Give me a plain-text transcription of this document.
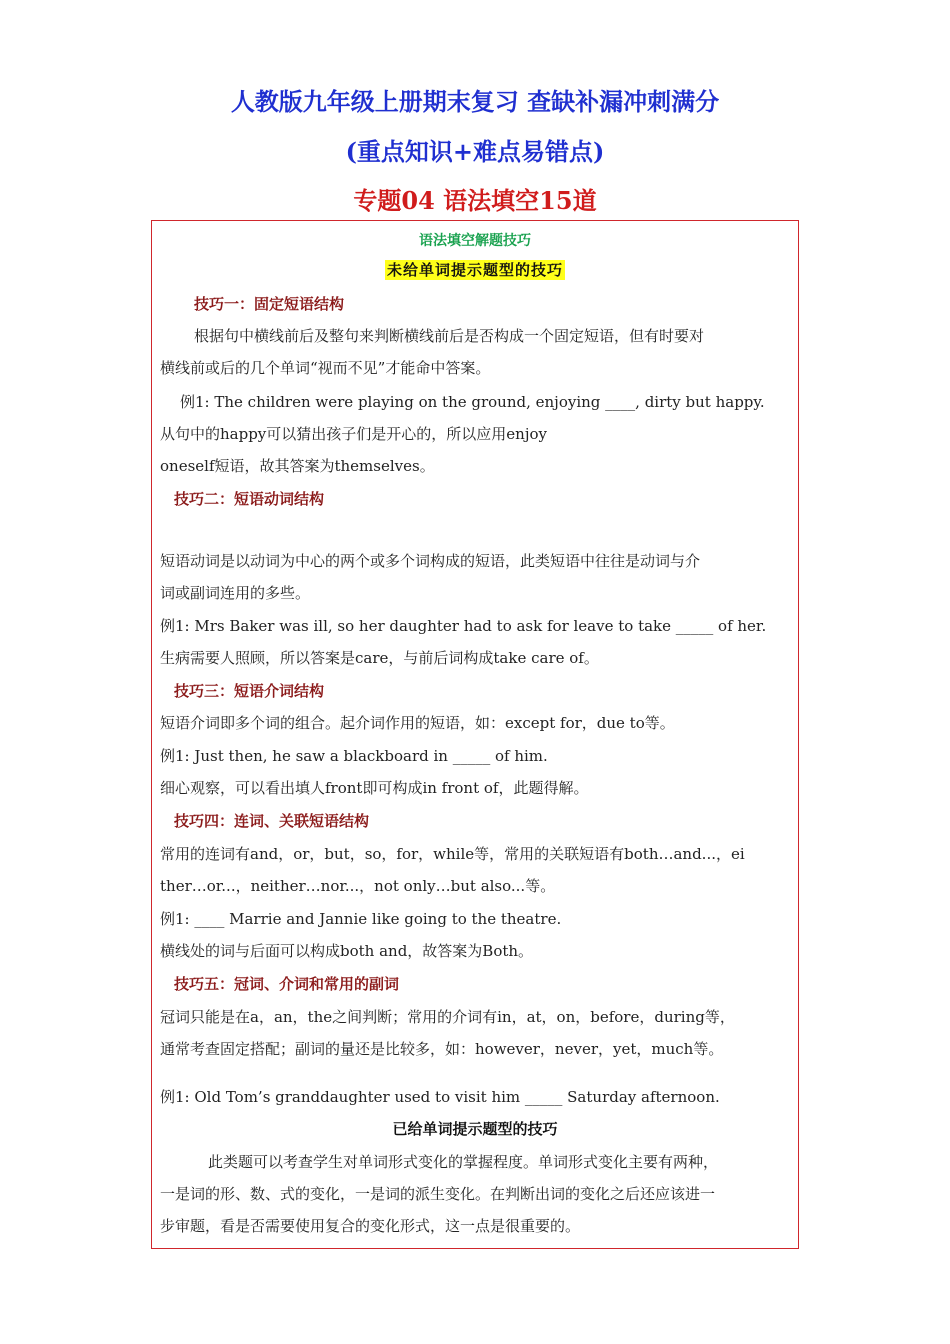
人教版九年级上册期末复习 查缺补漏冲刺满分
(重点知识+难点易错点)
专题04 语法填空15道
语法填空解题技巧
未给单词提示题型的技巧
技巧一：固定短语结构
根据句中横线前后及整句来判断横线前后是否构成一个固定短语，但有时要对
横线前或后的几个单词“视而不见”才能命中答案。
例1: The children were playing on the ground, enjoying ____, dirty but happy.
从句中的happy可以猜出孩子们是开心的，所以应用enjoy
oneself短语，故其答案为themselves。
技巧二：短语动词结构
短语动词是以动词为中心的两个或多个词构成的短语，此类短语中往往是动词与介
词或副词连用的多些。
例1: Mrs Baker was ill, so her daughter had to ask for leave to take _____ of her.
生病需要人照顾，所以答案是care，与前后词构成take care of。
技巧三：短语介词结构
短语介词即多个词的组合。起介词作用的短语，如：except for，due to等。
例1: Just then, he saw a blackboard in _____ of him.
细心观察，可以看出填人front即可构成in front of，此题得解。
技巧四：连词、关联短语结构
常用的连词有and，or，but，so，for，while等，常用的关联短语有both…and...，ei
ther…or...，neither…nor...，not only…but also...等。
例1: ____ Marrie and Jannie like going to the theatre.
横线处的词与后面可以构成both and，故答案为Both。
技巧五：冠词、介词和常用的副词
冠词只能是在a，an，the之间判断；常用的介词有in，at，on，before，during等，
通常考查固定搭配；副词的量还是比较多，如：however，never，yet，much等。
例1: Old Tom’s granddaughter used to visit him _____ Saturday afternoon.
已给单词提示题型的技巧
此类题可以考查学生对单词形式变化的掌握程度。单词形式变化主要有两种，
一是词的形、数、式的变化，一是词的派生变化。在判断出词的变化之后还应该进一
步审题，看是否需要使用复合的变化形式，这一点是很重要的。
